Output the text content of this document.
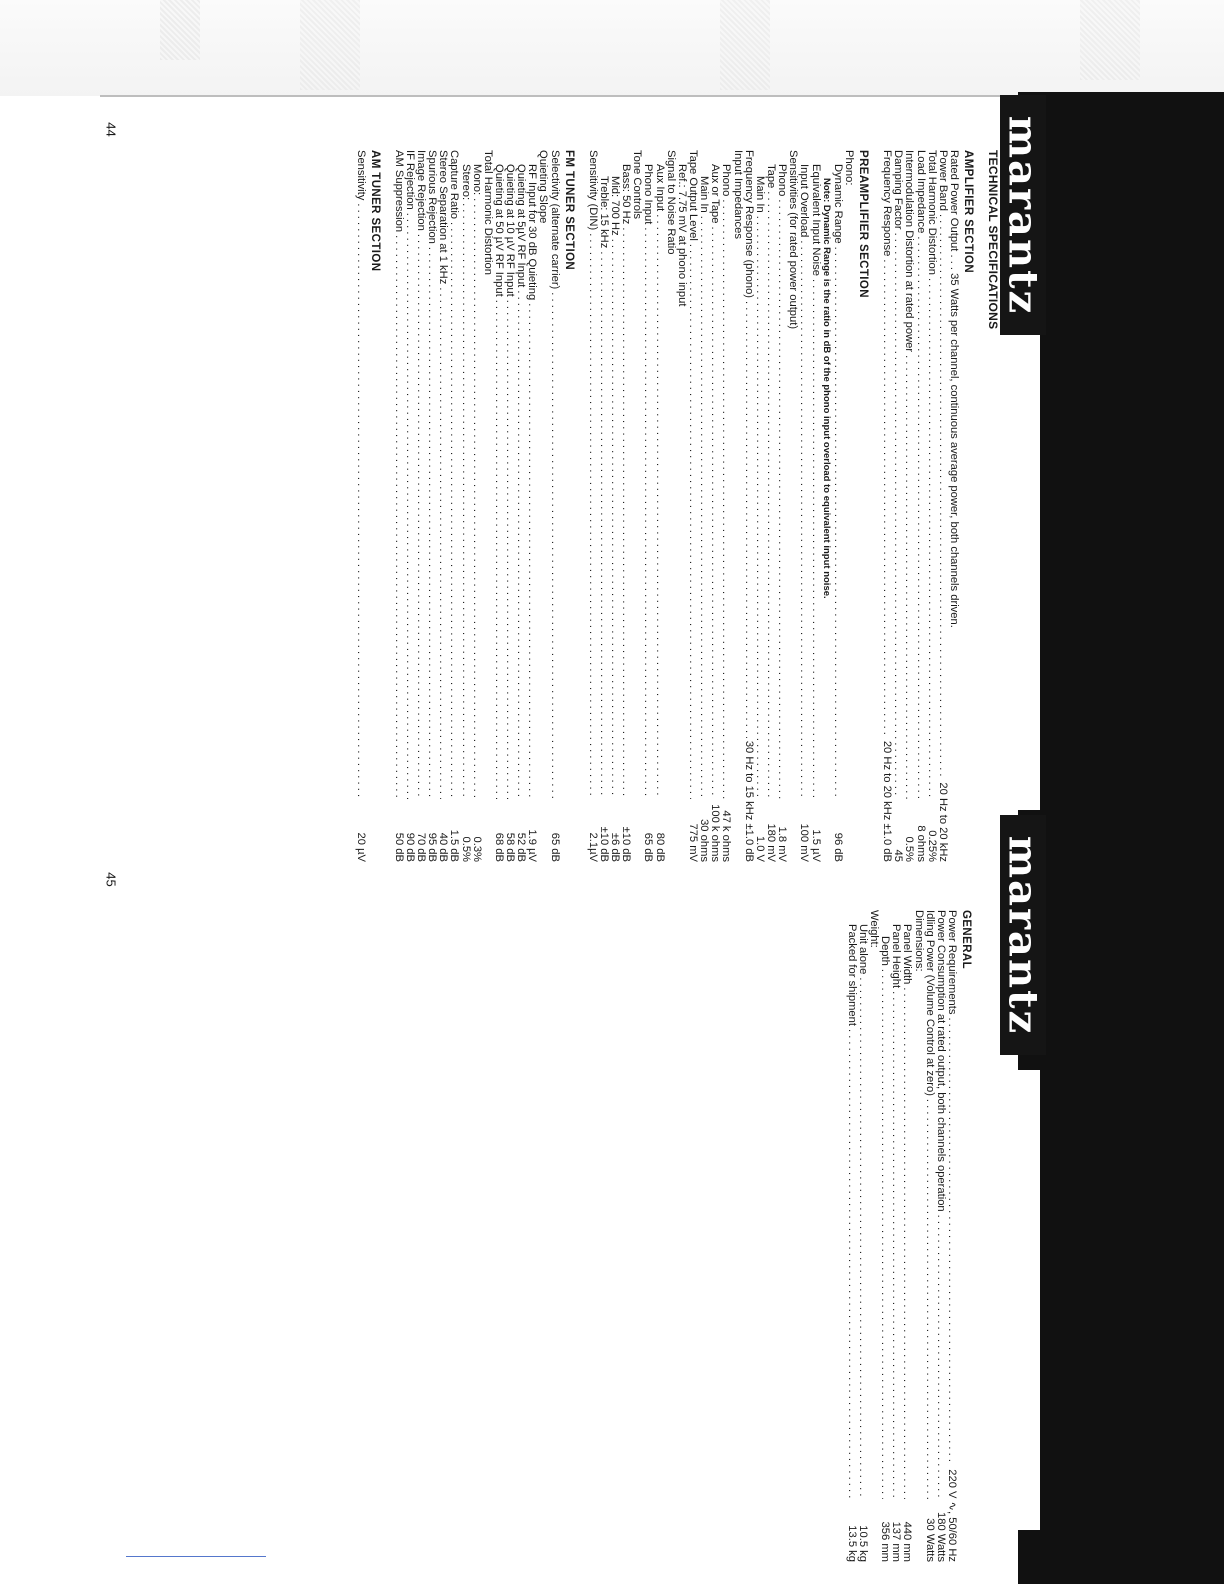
marantz
marantz
44
45
TECHNICAL SPECIFICATIONS
AMPLIFIER SECTION
Rated Power Output . . . 35 Watts per channel, continuous average power, both channels driven.
Power Band
. . .
20 Hz to 20 kHz
Total Harmonic Distortion
. . .
0.25%
Load Impedance
. . .
8 ohms
Intermodulation Distortion at rated power
. . .
0.5%
Damping Factor
. . .
45
Frequency Response
. . .
20 Hz to 20 kHz ±1.0 dB
PREAMPLIFIER SECTION
Phono:
Dynamic Range
. . .
96 dB
Note: Dynamic Range is the ratio in dB of the phono input overload to equivalent input noise.
Equivalent Input Noise
. . .
1.5 µV
Input Overload
. . .
100 mV
Sensitivities (for rated power output)
Phono
. . .
1.8 mV
Tape
. . .
180 mV
Main In
. . .
1.0 V
Frequency Response (phono)
. . .
30 Hz to 15 kHz ±1.0 dB
Input Impedances
Phono
. . .
47 k ohms
Aux or Tape
. . .
100 k ohms
Main In
. . .
30 ohms
Tape Output Level
. . .
775 mV
Ref.: 7.75 mV at phono input
Signal to Noise Ratio
Aux Input
. . .
80 dB
Phono Input
. . .
65 dB
Tone Controls
Bass: 50 Hz
. . .
±10 dB
Mid: 700 Hz
. . .
±6 dB
Treble: 15 kHz
. . .
±10 dB
Sensitivity (DIN)
. . .
2.1µV
FM TUNER SECTION
Selectivity (alternate carrier)
. . .
65 dB
Quieting Slope
RF Input for 30 dB Quieting
. . .
1.9 µV
Quieting at 5µV RF Input
. . .
52 dB
Quieting at 10 µV RF Input
. . .
58 dB
Quieting at 50 µV RF Input
. . .
68 dB
Total Harmonic Distortion
Mono:
. . .
0.3%
Stereo:
. . .
0.5%
Capture Ratio
. . .
1.5 dB
Stereo Separation at 1 kHz
. . .
40 dB
Spurious Rejection
. . .
95 dB
Image Rejection
. . .
70 dB
IF Rejection
. . .
90 dB
AM Suppression
. . .
50 dB
AM TUNER SECTION
Sensitivity
. . .
20 µV
GENERAL
Power Requirements
. . .
220 V ∿, 50/60 Hz
Power Consumption at rated output, both channels operation
. . .
180 Watts
Idling Power (Volume Control at zero)
. . .
30 Watts
Dimensions:
Panel Width
. . .
440 mm
Panel Height
. . .
137 mm
Depth
. . .
356 mm
Weight:
Unit alone
. . .
10.5 kg
Packed for shipment
. . .
13.5 kg
